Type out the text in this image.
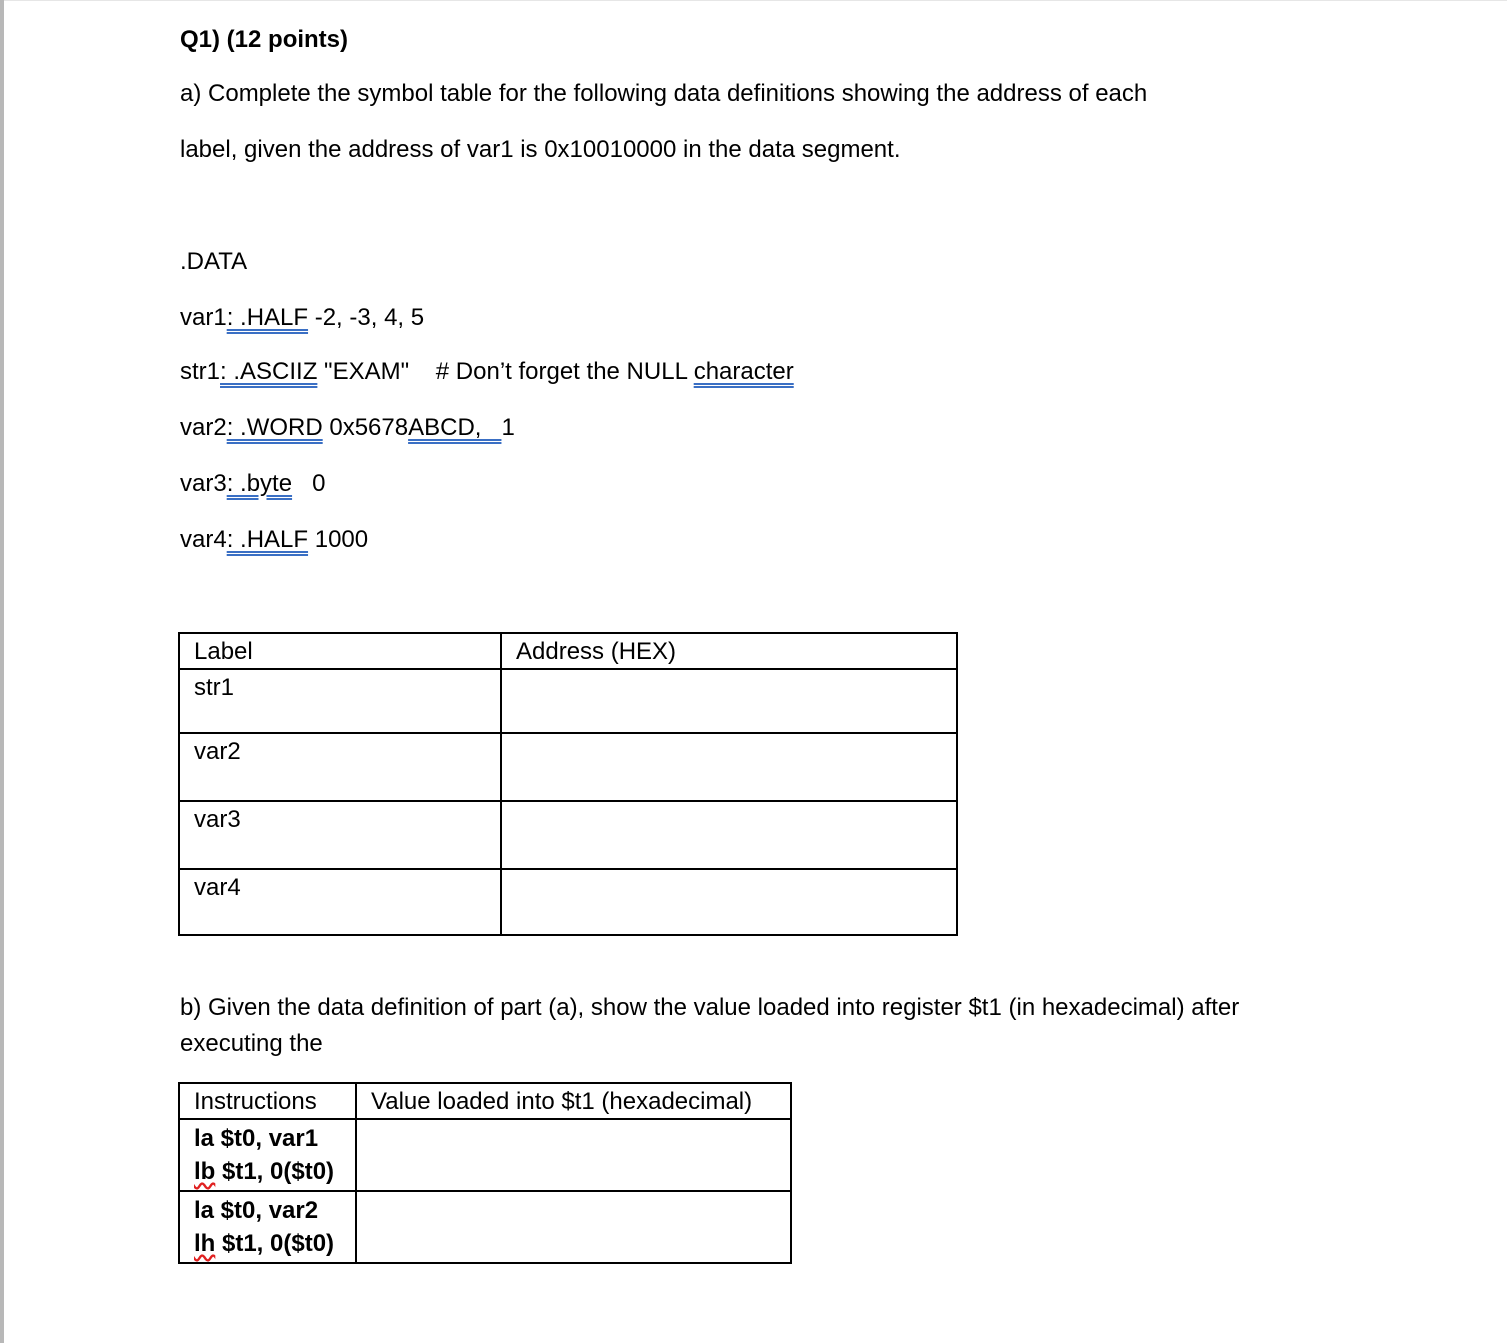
Q1) (12 points)

a) Complete the symbol table for the following data definitions showing the address of each

label, given the address of var1 is 0x10010000 in the data segment.

.DATA

var1: .HALF -2, -3, 4, 5

str1: .ASCIIZ "EXAM"    # Don’t forget the NULL character

var2: .WORD 0x5678ABCD,   1

var3: .byte   0

var4: .HALF 1000

Label	Address (HEX)
str1	
var2	
var3	
var4	

b) Given the data definition of part (a), show the value loaded into register $t1 (in hexadecimal) after

executing the

Instructions	Value loaded into $t1 (hexadecimal)

la $t0, var1
lb $t1, 0($t0)	

la $t0, var2
lh $t1, 0($t0)	
